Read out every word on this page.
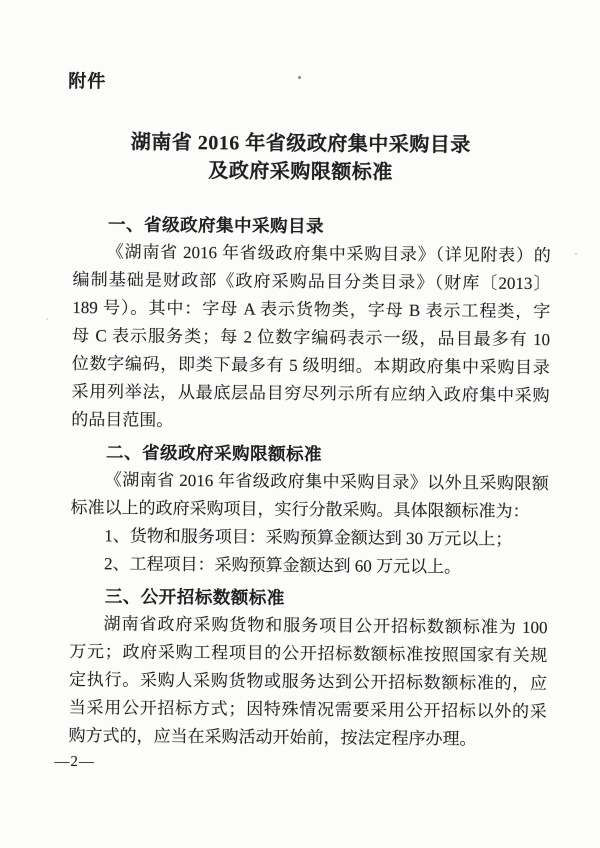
附件
湖南省 2016 年省级政府集中采购目录
及政府采购限额标准
一、省级政府集中采购目录
《湖南省 2016 年省级政府集中采购目录》（详见附表）的
编制基础是财政部《政府采购品目分类目录》（财库〔2013〕
189 号）。其中：字母 A 表示货物类，字母 B 表示工程类，字
母 C 表示服务类；每 2 位数字编码表示一级，品目最多有 10
位数字编码，即类下最多有 5 级明细。本期政府集中采购目录
采用列举法，从最底层品目穷尽列示所有应纳入政府集中采购
的品目范围。
二、省级政府采购限额标准
《湖南省 2016 年省级政府集中采购目录》以外且采购限额
标准以上的政府采购项目，实行分散采购。具体限额标准为：
1、货物和服务项目：采购预算金额达到 30 万元以上；
2、工程项目：采购预算金额达到 60 万元以上。
三、公开招标数额标准
湖南省政府采购货物和服务项目公开招标数额标准为 100
万元；政府采购工程项目的公开招标数额标准按照国家有关规
定执行。采购人采购货物或服务达到公开招标数额标准的，应
当采用公开招标方式；因特殊情况需要采用公开招标以外的采
购方式的，应当在采购活动开始前，按法定程序办理。
—2—
